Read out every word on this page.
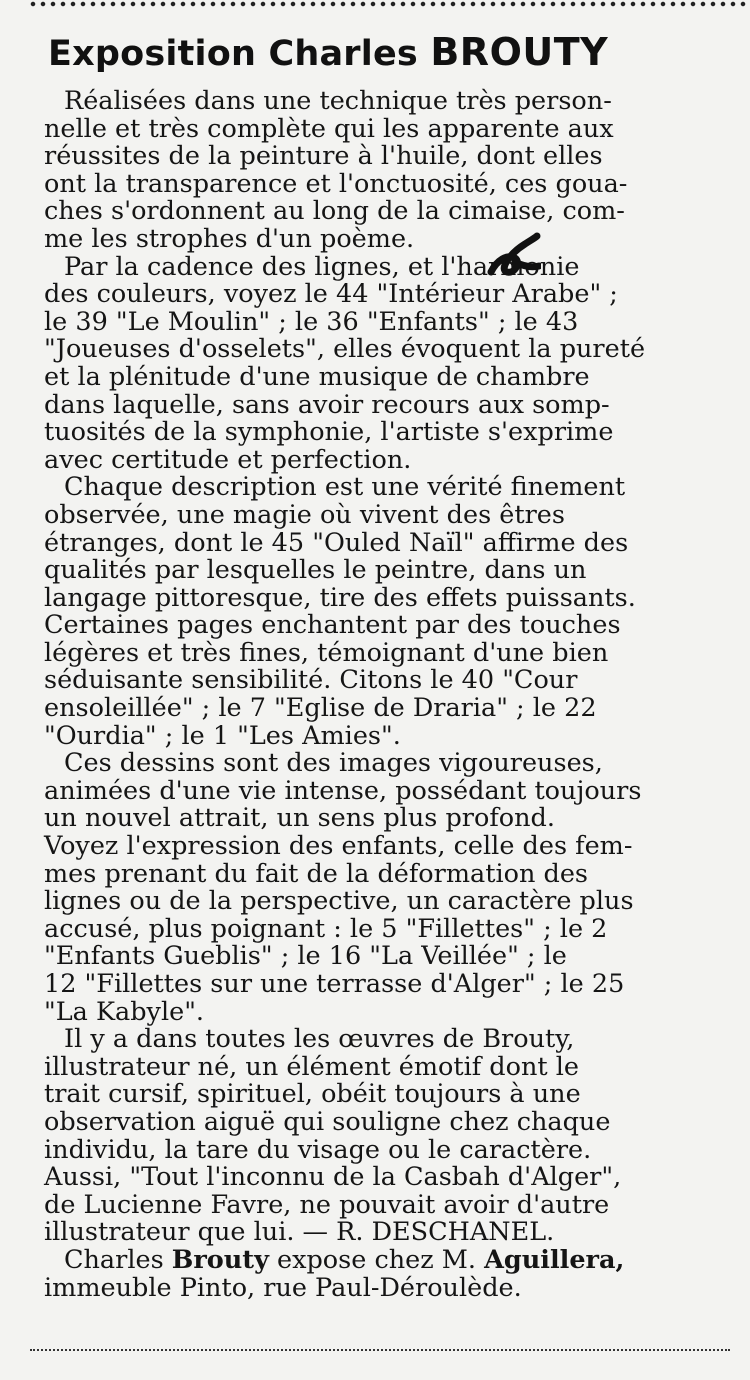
Exposition Charles BROUTY

Réalisées dans une technique très person-
nelle et très complète qui les apparente aux
réussites de la peinture à l'huile, dont elles
ont la transparence et l'onctuosité, ces goua-
ches s'ordonnent au long de la cimaise, com-
me les strophes d'un poème.
Par la cadence des lignes, et l'harmonie
des couleurs, voyez le 44 "Intérieur Arabe" ;
le 39 "Le Moulin" ; le 36 "Enfants" ; le 43
"Joueuses d'osselets", elles évoquent la pureté
et la plénitude d'une musique de chambre
dans laquelle, sans avoir recours aux somp-
tuosités de la symphonie, l'artiste s'exprime
avec certitude et perfection.
Chaque description est une vérité finement
observée, une magie où vivent des êtres
étranges, dont le 45 "Ouled Naïl" affirme des
qualités par lesquelles le peintre, dans un
langage pittoresque, tire des effets puissants.
Certaines pages enchantent par des touches
légères et très fines, témoignant d'une bien
séduisante sensibilité. Citons le 40 "Cour
ensoleillée" ; le 7 "Eglise de Draria" ; le 22
"Ourdia" ; le 1 "Les Amies".
Ces dessins sont des images vigoureuses,
animées d'une vie intense, possédant toujours
un nouvel attrait, un sens plus profond.
Voyez l'expression des enfants, celle des fem-
mes prenant du fait de la déformation des
lignes ou de la perspective, un caractère plus
accusé, plus poignant : le 5 "Fillettes" ; le 2
"Enfants Gueblis" ; le 16 "La Veillée" ; le
12 "Fillettes sur une terrasse d'Alger" ; le 25
"La Kabyle".
Il y a dans toutes les œuvres de Brouty,
illustrateur né, un élément émotif dont le
trait cursif, spirituel, obéit toujours à une
observation aiguë qui souligne chez chaque
individu, la tare du visage ou le caractère.
Aussi, "Tout l'inconnu de la Casbah d'Alger",
de Lucienne Favre, ne pouvait avoir d'autre
illustrateur que lui. — R. DESCHANEL.

Charles Brouty expose chez M. Aguillera,
immeuble Pinto, rue Paul-Déroulède.
